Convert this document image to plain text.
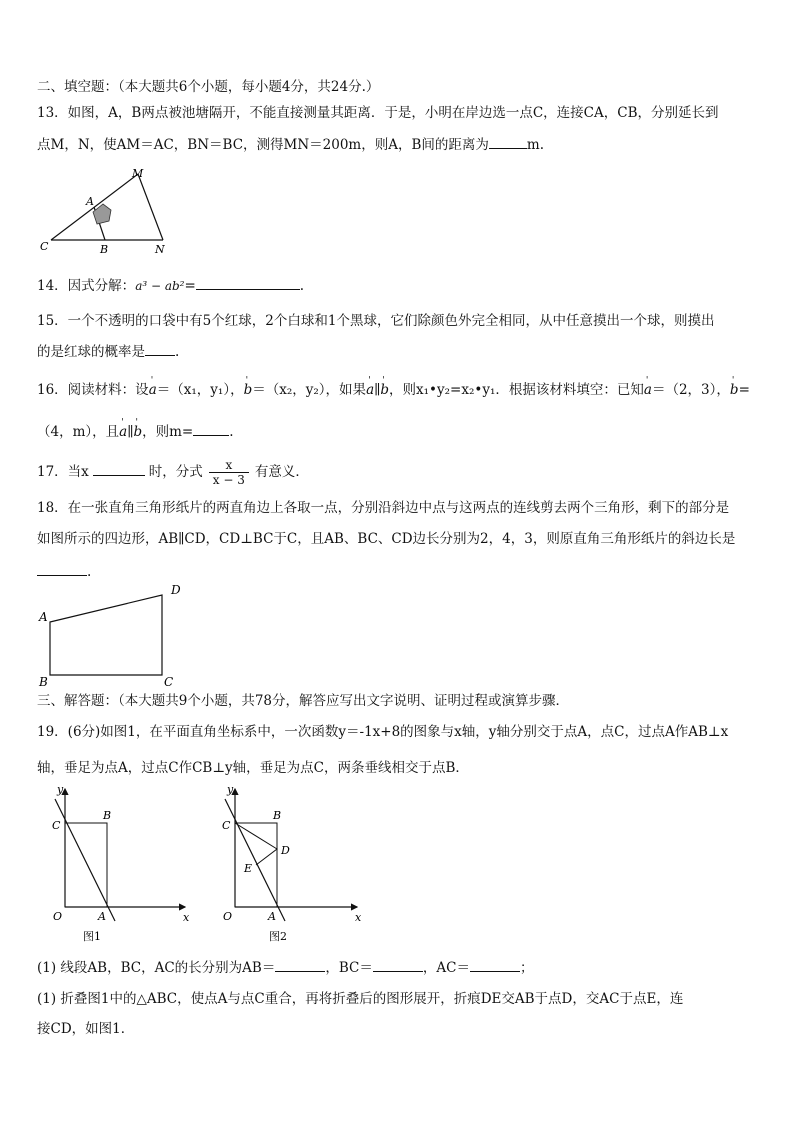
二、填空题：（本大题共6个小题，每小题4分，共24分.）
13．如图，A，B两点被池塘隔开，不能直接测量其距离．于是，小明在岸边选一点C，连接CA，CB，分别延长到
点M，N，使AM＝AC，BN＝BC，测得MN＝200m，则A，B间的距离为	m.
M
A
C	B	N
14．因式分解：a³ − ab²=	.
15．一个不透明的口袋中有5个红球，2个白球和1个黑球，它们除颜色外完全相同，从中任意摸出一个球，则摸出
的是红球的概率是 .
16．阅读材料：设' a＝（x₁，y₁），' b＝（x₂，y₂），如果' a∥' b，则x₁•y₂=x₂•y₁．根据该材料填空：已知' a＝（2，3），' b=
（4，m），且' a∥' b，则m=	.
17．当x	时，分式 $\frac{x}{x - 3}$ 有意义．
18．在一张直角三角形纸片的两直角边上各取一点，分别沿斜边中点与这两点的连线剪去两个三角形，剩下的部分是
如图所示的四边形，AB∥CD，CD⊥BC于C，且AB、BC、CD边长分别为2，4，3，则原直角三角形纸片的斜边长是
.
D
A
B	C
三、解答题：（本大题共9个小题，共78分，解答应写出文字说明、证明过程或演算步骤．
19．(6分)如图1，在平面直角坐标系中，一次函数y＝-1x+8的图象与x轴，y轴分别交于点A，点C，过点A作AB⊥x
轴，垂足为点A，过点C作CB⊥y轴，垂足为点C，两条垂线相交于点B．
y
x
C
B
O	A
图1
y
x
C
B
D
E
O	A
图2
(1) 线段AB，BC，AC的长分别为AB＝	，BC＝	，AC＝	；
(1) 折叠图1中的△ABC，使点A与点C重合，再将折叠后的图形展开，折痕DE交AB于点D，交AC于点E，连
接CD，如图1．
